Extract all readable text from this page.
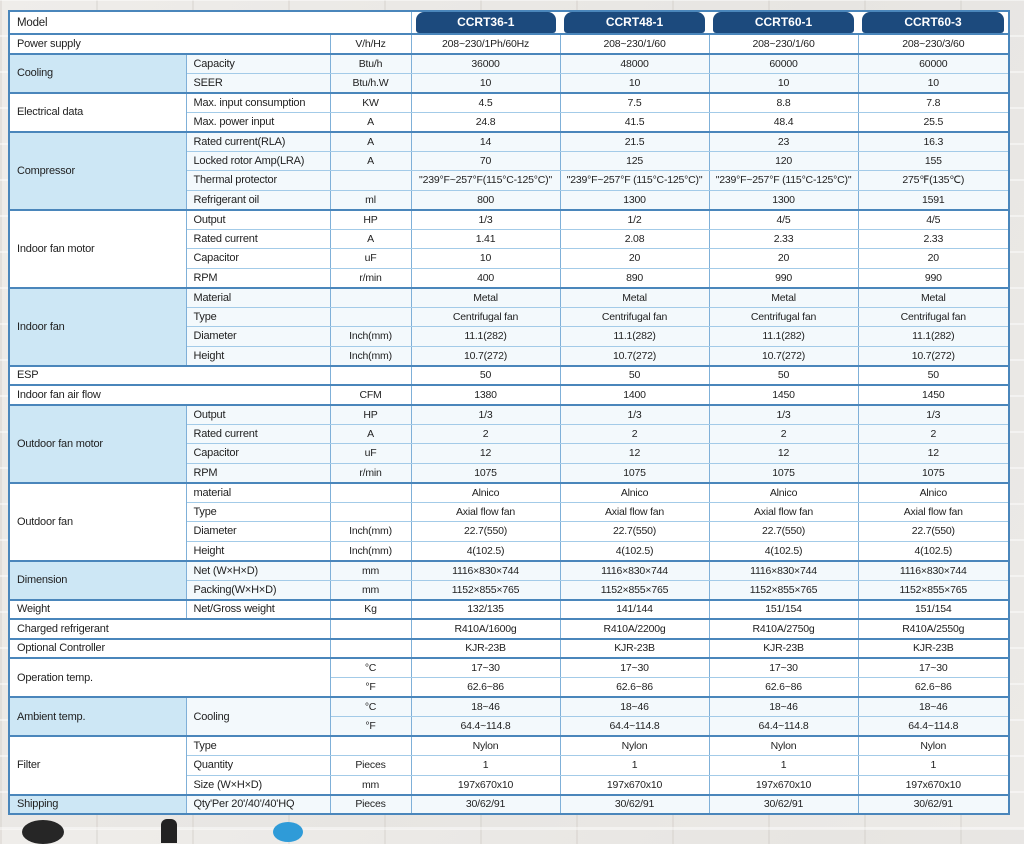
Model			CCRT36-1	CCRT48-1	CCRT60-1	CCRT60-3

Power supply		V/h/Hz	208~230/1Ph/60Hz	208~230/1/60	208~230/1/60	208~230/3/60
Cooling	Capacity	Btu/h	36000	48000	60000	60000
	SEER	Btu/h.W	10	10	10	10
Electrical data	Max. input consumption	KW	4.5	7.5	8.8	7.8
	Max. power input	A	24.8	41.5	48.4	25.5
Compressor	Rated current(RLA)	A	14	21.5	23	16.3
	Locked rotor Amp(LRA)	A	70	125	120	155
	Thermal protector		"239°F~257°F(115°C-125°C)"	"239°F~257°F (115°C-125°C)"	"239°F~257°F (115°C-125°C)"	275℉(135℃)
	Refrigerant oil	ml	800	1300	1300	1591
Indoor fan motor	Output	HP	1/3	1/2	4/5	4/5
	Rated current	A	1.41	2.08	2.33	2.33
	Capacitor	uF	10	20	20	20
	RPM	r/min	400	890	990	990
Indoor fan	Material		Metal	Metal	Metal	Metal
	Type		Centrifugal fan	Centrifugal fan	Centrifugal fan	Centrifugal fan
	Diameter	Inch(mm)	11.1(282)	11.1(282)	11.1(282)	11.1(282)
	Height	Inch(mm)	10.7(272)	10.7(272)	10.7(272)	10.7(272)
ESP			50	50	50	50
Indoor fan air flow		CFM	1380	1400	1450	1450
Outdoor fan motor	Output	HP	1/3	1/3	1/3	1/3
	Rated current	A	2	2	2	2
	Capacitor	uF	12	12	12	12
	RPM	r/min	1075	1075	1075	1075
Outdoor fan	material		Alnico	Alnico	Alnico	Alnico
	Type		Axial flow fan	Axial flow fan	Axial flow fan	Axial flow fan
	Diameter	Inch(mm)	22.7(550)	22.7(550)	22.7(550)	22.7(550)
	Height	Inch(mm)	4(102.5)	4(102.5)	4(102.5)	4(102.5)
Dimension	Net (W×H×D)	mm	1116×830×744	1116×830×744	1116×830×744	1116×830×744
	Packing(W×H×D)	mm	1152×855×765	1152×855×765	1152×855×765	1152×855×765
Weight	Net/Gross weight	Kg	132/135	141/144	151/154	151/154
Charged refrigerant			R410A/1600g	R410A/2200g	R410A/2750g	R410A/2550g
Optional Controller			KJR-23B	KJR-23B	KJR-23B	KJR-23B
Operation temp.		°C	17~30	17~30	17~30	17~30
		°F	62.6~86	62.6~86	62.6~86	62.6~86
Ambient temp.	Cooling	°C	18~46	18~46	18~46	18~46
		°F	64.4~114.8	64.4~114.8	64.4~114.8	64.4~114.8
Filter	Type		Nylon	Nylon	Nylon	Nylon
	Quantity	Pieces	1	1	1	1
	Size (W×H×D)	mm	197x670x10	197x670x10	197x670x10	197x670x10
Shipping	Qty'Per 20'/40'/40'HQ	Pieces	30/62/91	30/62/91	30/62/91	30/62/91
